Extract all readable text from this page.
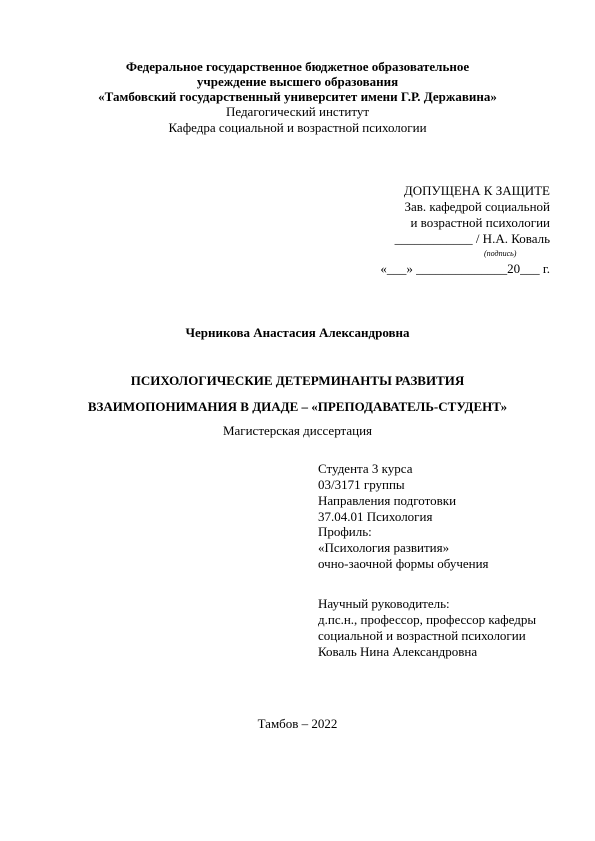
Федеральное государственное бюджетное образовательное
учреждение высшего образования
«Тамбовский государственный университет имени Г.Р. Державина»
Педагогический институт
Кафедра социальной и возрастной психологии
ДОПУЩЕНА К ЗАЩИТЕ
Зав. кафедрой социальной
и возрастной психологии
____________ / Н.А. Коваль
(подпись)
«___» ______________20___ г.
Черникова Анастасия Александровна
ПСИХОЛОГИЧЕСКИЕ ДЕТЕРМИНАНТЫ РАЗВИТИЯ
ВЗАИМОПОНИМАНИЯ В ДИАДЕ – «ПРЕПОДАВАТЕЛЬ-СТУДЕНТ»
Магистерская диссертация
Студента 3 курса
03/3171 группы
Направления подготовки
37.04.01 Психология
Профиль:
«Психология развития»
очно-заочной формы обучения
Научный руководитель:
д.пс.н., профессор, профессор кафедры
социальной и возрастной психологии
Коваль Нина Александровна
Тамбов – 2022
